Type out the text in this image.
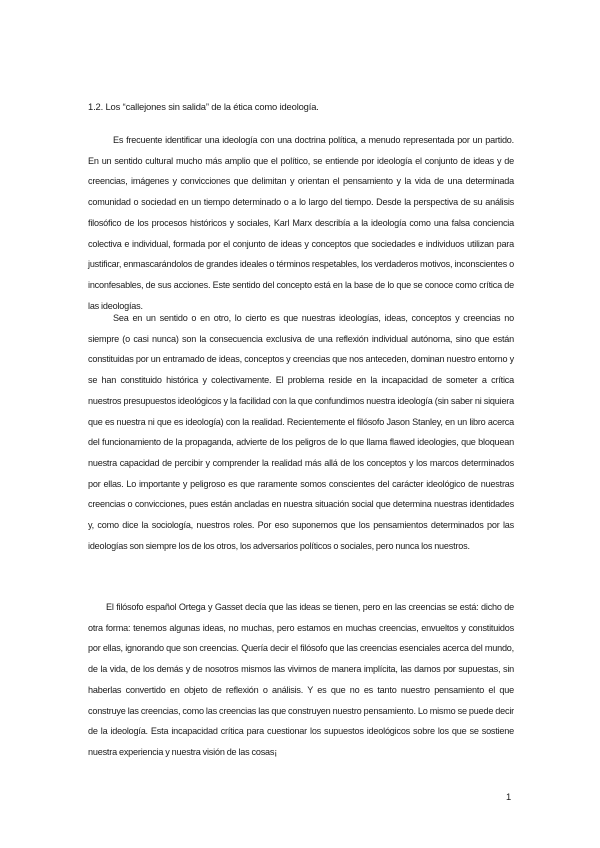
1.2. Los “callejones sin salida” de la ética como ideología.

Es frecuente identificar una ideología con una doctrina política, a menudo representada por un partido. En un sentido cultural mucho más amplio que el político, se entiende por ideología el conjunto de ideas y de creencias, imágenes y convicciones que delimitan y orientan el pensamiento y la vida de una determinada comunidad o sociedad en un tiempo determinado o a lo largo del tiempo. Desde la perspectiva de su análisis filosófico de los procesos históricos y sociales, Karl Marx describía a la ideología como una falsa conciencia colectiva e individual, formada por el conjunto de ideas y conceptos que sociedades e individuos utilizan para justificar, enmascarándolos de grandes ideales o términos respetables, los verdaderos motivos, inconscientes o inconfesables, de sus acciones. Este sentido del concepto está en la base de lo que se conoce como crítica de las ideologías.

Sea en un sentido o en otro, lo cierto es que nuestras ideologías, ideas, conceptos y creencias no siempre (o casi nunca) son la consecuencia exclusiva de una reflexión individual autónoma, sino que están constituidas por un entramado de ideas, conceptos y creencias que nos anteceden, dominan nuestro entorno y se han constituido histórica y colectivamente. El problema reside en la incapacidad de someter a crítica nuestros presupuestos ideológicos y la facilidad con la que confundimos nuestra ideología (sin saber ni siquiera que es nuestra ni que es ideología) con la realidad. Recientemente el filósofo Jason Stanley, en un libro acerca del funcionamiento de la propaganda, advierte de los peligros de lo que llama flawed ideologies, que bloquean nuestra capacidad de percibir y comprender la realidad más allá de los conceptos y los marcos determinados por ellas. Lo importante y peligroso es que raramente somos conscientes del carácter ideológico de nuestras creencias o convicciones, pues están ancladas en nuestra situación social que determina nuestras identidades y, como dice la sociología, nuestros roles. Por eso suponemos que los pensamientos determinados por las ideologías son siempre los de los otros, los adversarios políticos o sociales, pero nunca los nuestros.

El filósofo español Ortega y Gasset decía que las ideas se tienen, pero en las creencias se está: dicho de otra forma: tenemos algunas ideas, no muchas, pero estamos en muchas creencias, envueltos y constituidos por ellas, ignorando que son creencias. Quería decir el filósofo que las creencias esenciales acerca del mundo, de la vida, de los demás y de nosotros mismos las vivimos de manera implícita, las damos por supuestas, sin haberlas convertido en objeto de reflexión o análisis. Y es que no es tanto nuestro pensamiento el que construye las creencias, como las creencias las que construyen nuestro pensamiento. Lo mismo se puede decir de la ideología. Esta incapacidad crítica para cuestionar los supuestos ideológicos sobre los que se sostiene nuestra experiencia y nuestra visión de las cosas¡

1
